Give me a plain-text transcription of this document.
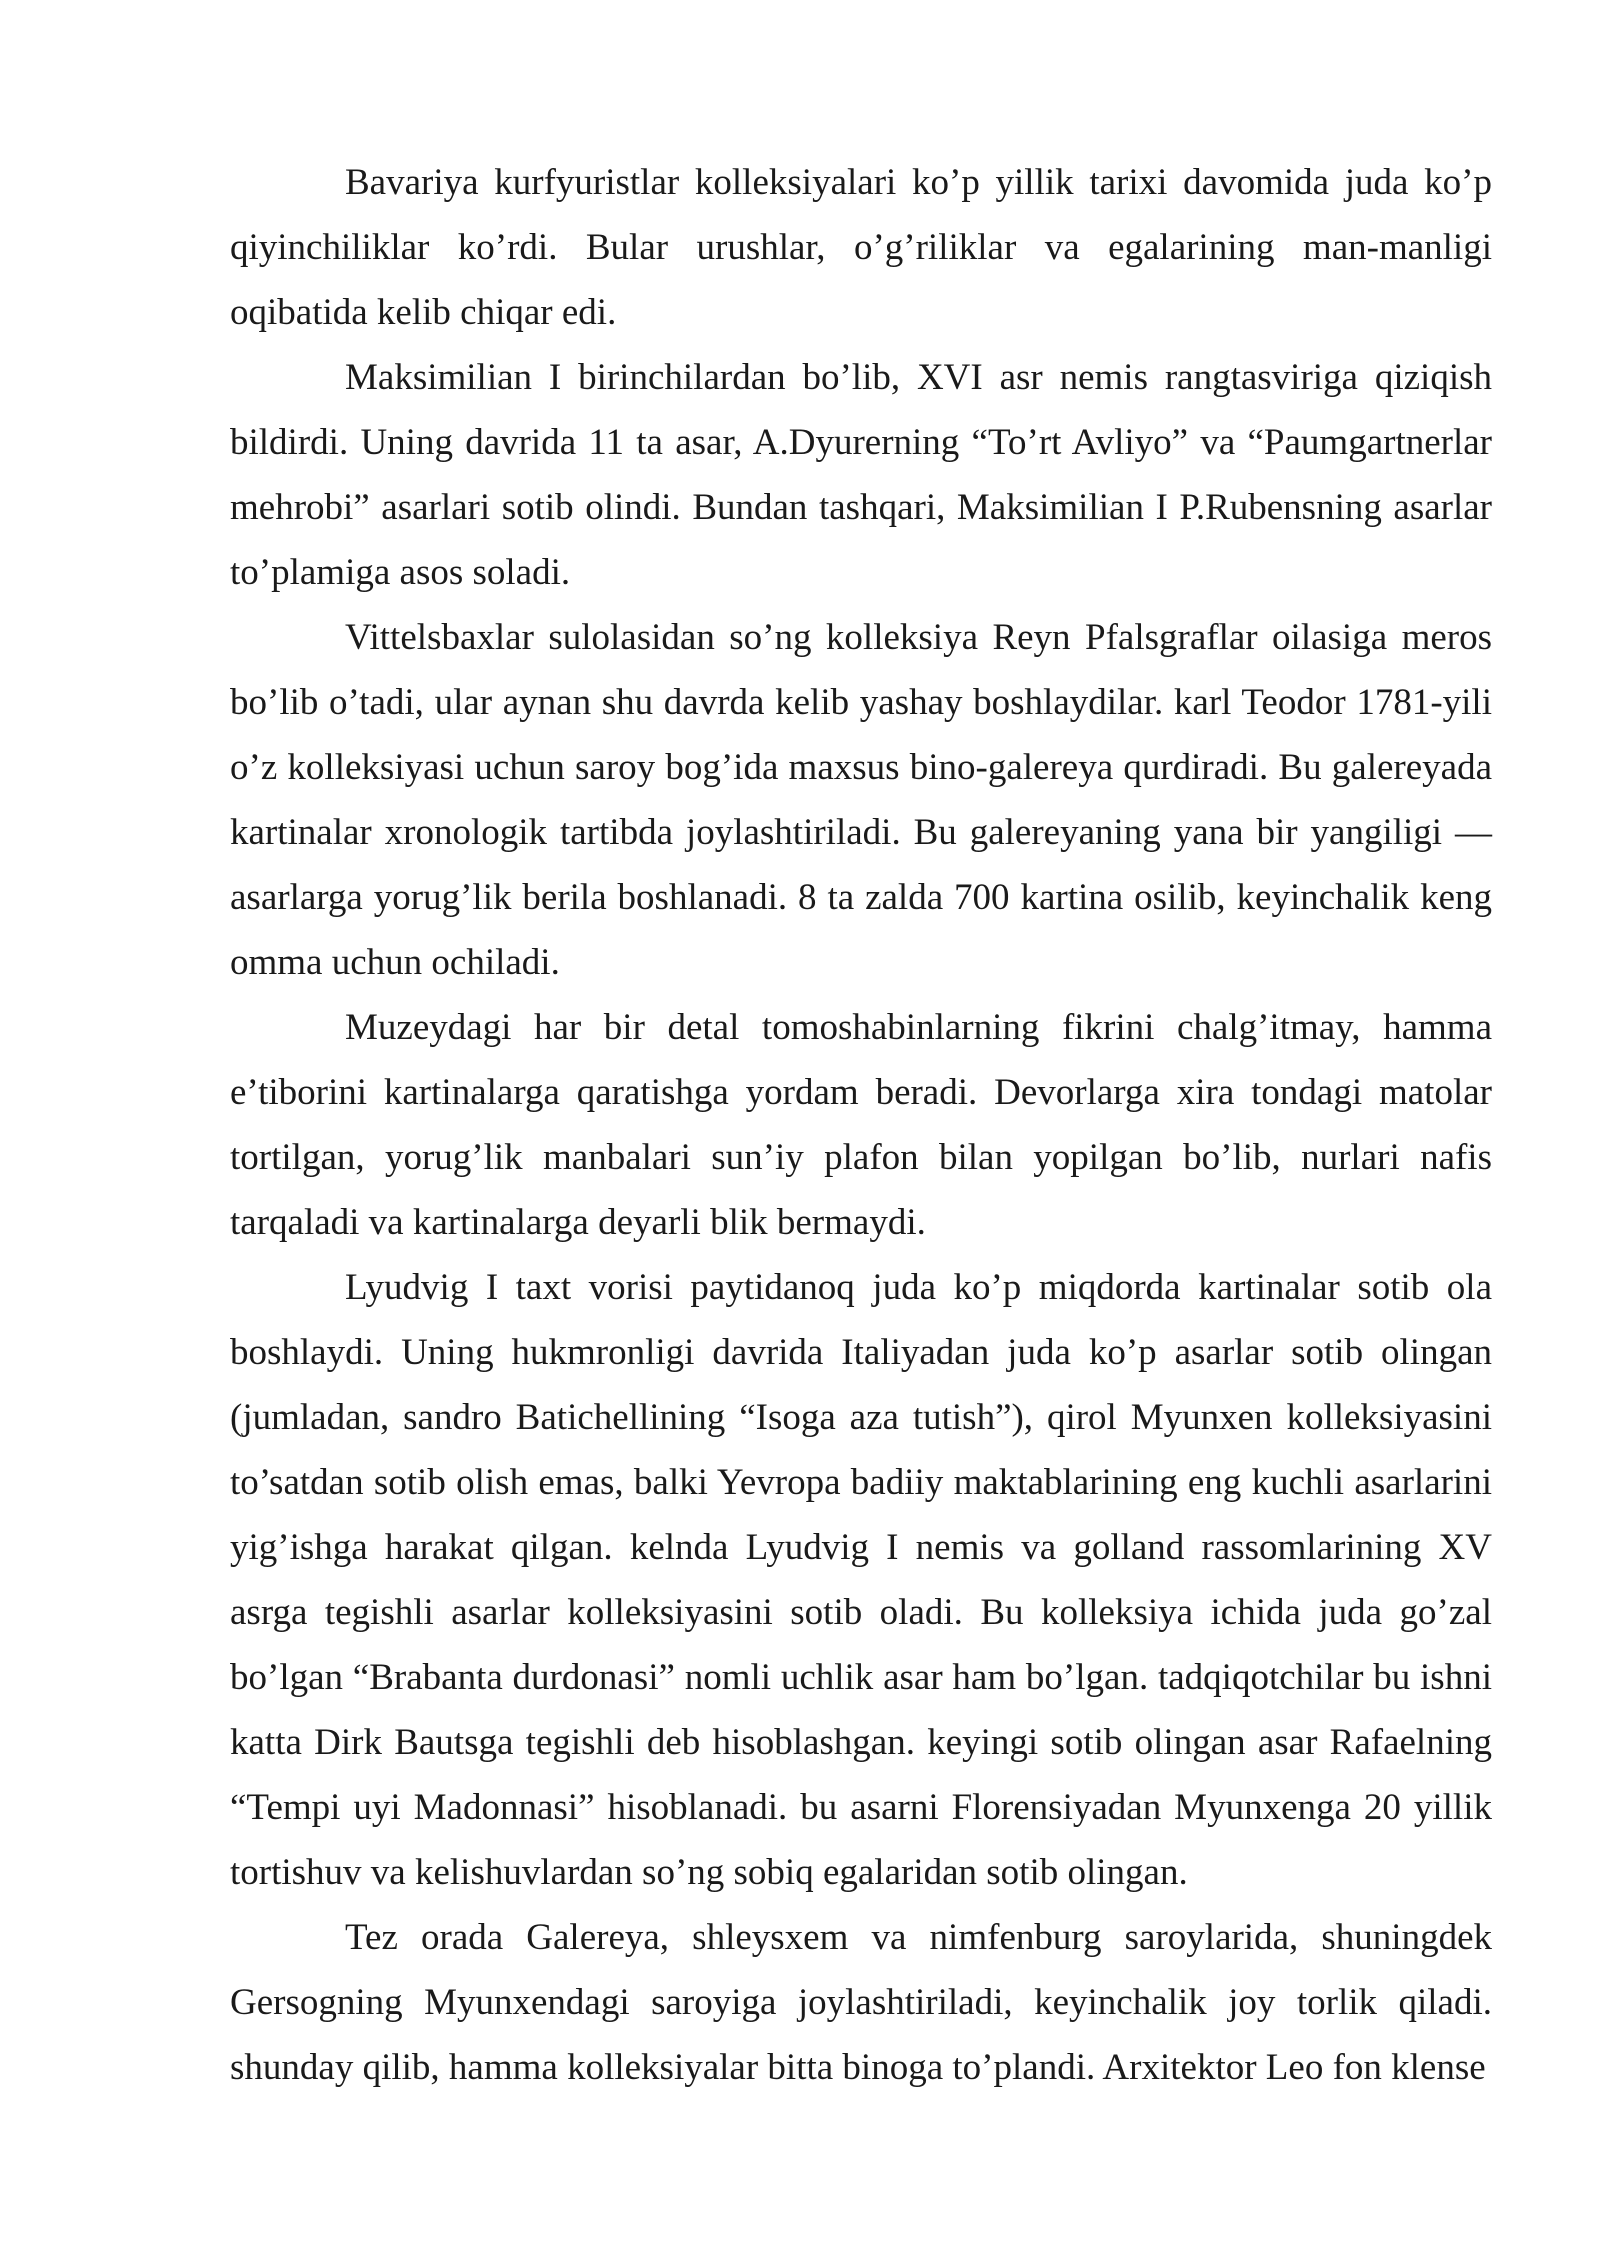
Bavariya kurfyuristlar kolleksiyalari ko’p yillik tarixi davomida juda ko’p qiyinchiliklar ko’rdi. Bular urushlar, o’g’riliklar va egalarining man-manligi oqibatida kelib chiqar edi.

Maksimilian I birinchilardan bo’lib, XVI asr nemis rangtasviriga qiziqish bildirdi. Uning davrida 11 ta asar, A.Dyurerning “To’rt Avliyo” va “Paumgartnerlar mehrobi” asarlari sotib olindi. Bundan tashqari, Maksimilian I P.Rubensning asarlar to’plamiga asos soladi.

Vittelsbaxlar sulolasidan so’ng kolleksiya Reyn Pfalsgraflar oilasiga meros bo’lib o’tadi, ular aynan shu davrda kelib yashay boshlaydilar. karl Teodor 1781-yili o’z kolleksiyasi uchun saroy bog’ida maxsus bino-galereya qurdiradi. Bu galereyada kartinalar xronologik tartibda joylashtiriladi. Bu galereyaning yana bir yangiligi — asarlarga yorug’lik berila boshlanadi. 8 ta zalda 700 kartina osilib, keyinchalik keng omma uchun ochiladi.

Muzeydagi har bir detal tomoshabinlarning fikrini chalg’itmay, hamma e’tiborini kartinalarga qaratishga yordam beradi. Devorlarga xira tondagi matolar tortilgan, yorug’lik manbalari sun’iy plafon bilan yopilgan bo’lib, nurlari nafis tarqaladi va kartinalarga deyarli blik bermaydi.

Lyudvig I taxt vorisi paytidanoq juda ko’p miqdorda kartinalar sotib ola boshlaydi. Uning hukmronligi davrida Italiyadan juda ko’p asarlar sotib olingan (jumladan, sandro Batichellining “Isoga aza tutish”), qirol Myunxen kolleksiyasini to’satdan sotib olish emas, balki Yevropa badiiy maktablarining eng kuchli asarlarini yig’ishga harakat qilgan. kelnda Lyudvig I nemis va golland rassomlarining XV asrga tegishli asarlar kolleksiyasini sotib oladi. Bu kolleksiya ichida juda go’zal bo’lgan “Brabanta durdonasi” nomli uchlik asar ham bo’lgan. tadqiqotchilar bu ishni katta Dirk Bautsga tegishli deb hisoblashgan. keyingi sotib olingan asar Rafaelning “Tempi uyi Madonnasi” hisoblanadi. bu asarni Florensiyadan Myunxenga 20 yillik tortishuv va kelishuvlardan so’ng sobiq egalaridan sotib olingan.

Tez orada Galereya, shleysxem va nimfenburg saroylarida, shuningdek Gersogning Myunxendagi saroyiga joylashtiriladi, keyinchalik joy torlik qiladi. shunday qilib, hamma kolleksiyalar bitta binoga to’plandi. Arxitektor Leo fon klense
